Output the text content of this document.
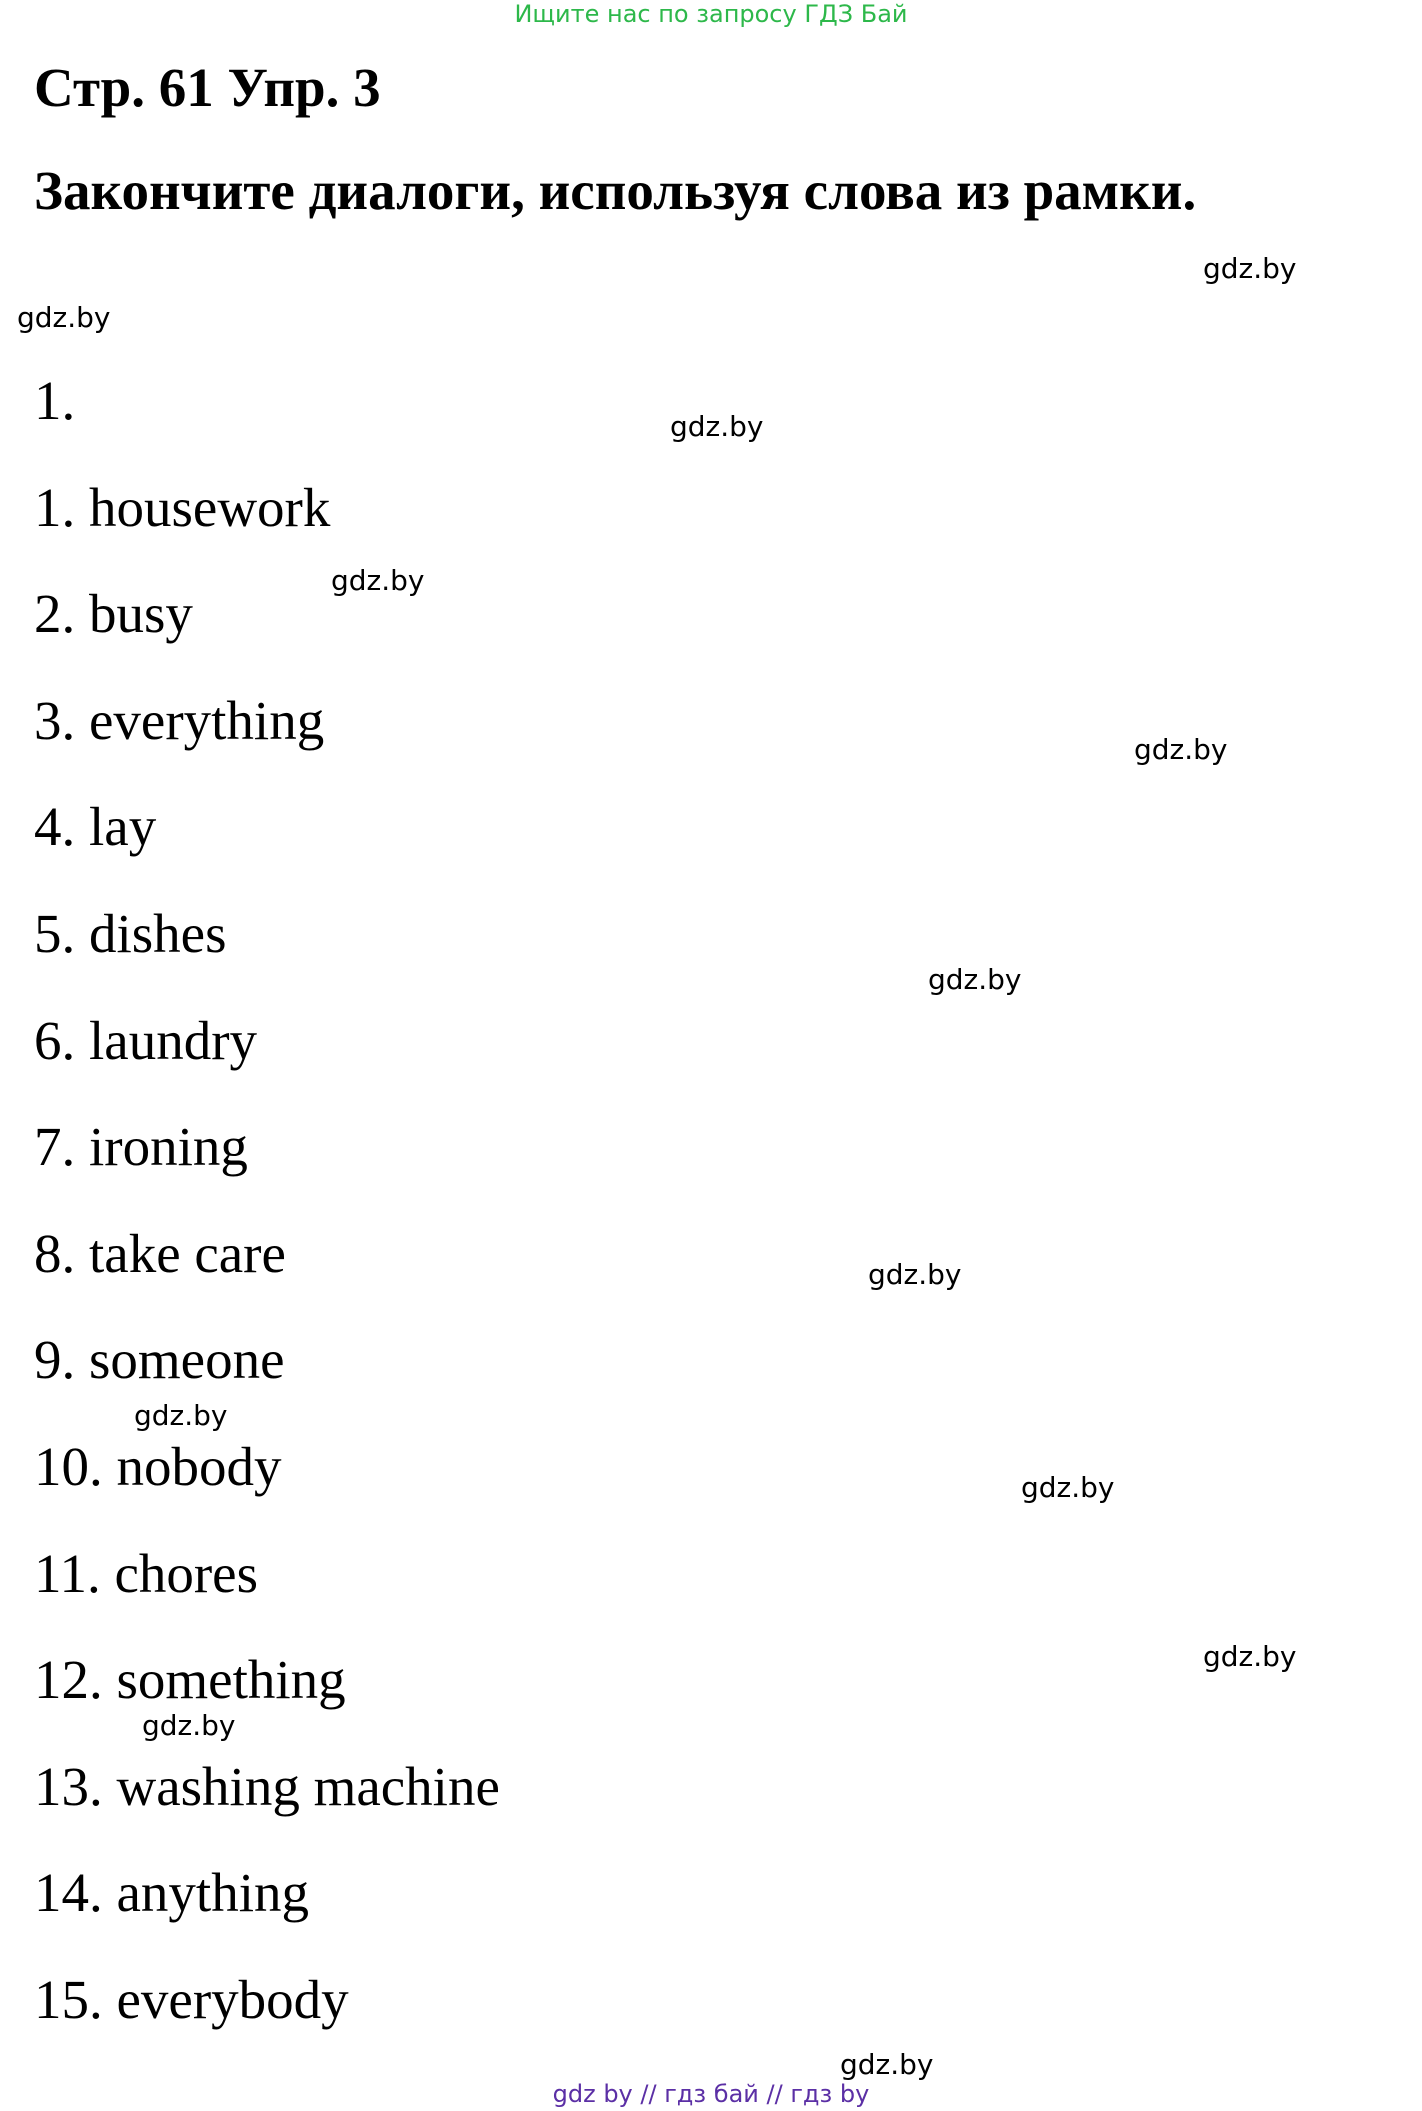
Ищите нас по запросу ГДЗ Бай
Стр. 61 Упр. 3
Закончите диалоги, используя слова из рамки.
1.
1. housework
2. busy
3. everything
4. lay
5. dishes
6. laundry
7. ironing
8. take care
9. someone
10. nobody
11. chores
12. something
13. washing machine
14. anything
15. everybody
gdz.by
gdz.by
gdz.by
gdz.by
gdz.by
gdz.by
gdz.by
gdz.by
gdz.by
gdz.by
gdz.by
gdz.by
gdz by // гдз бай // гдз by
